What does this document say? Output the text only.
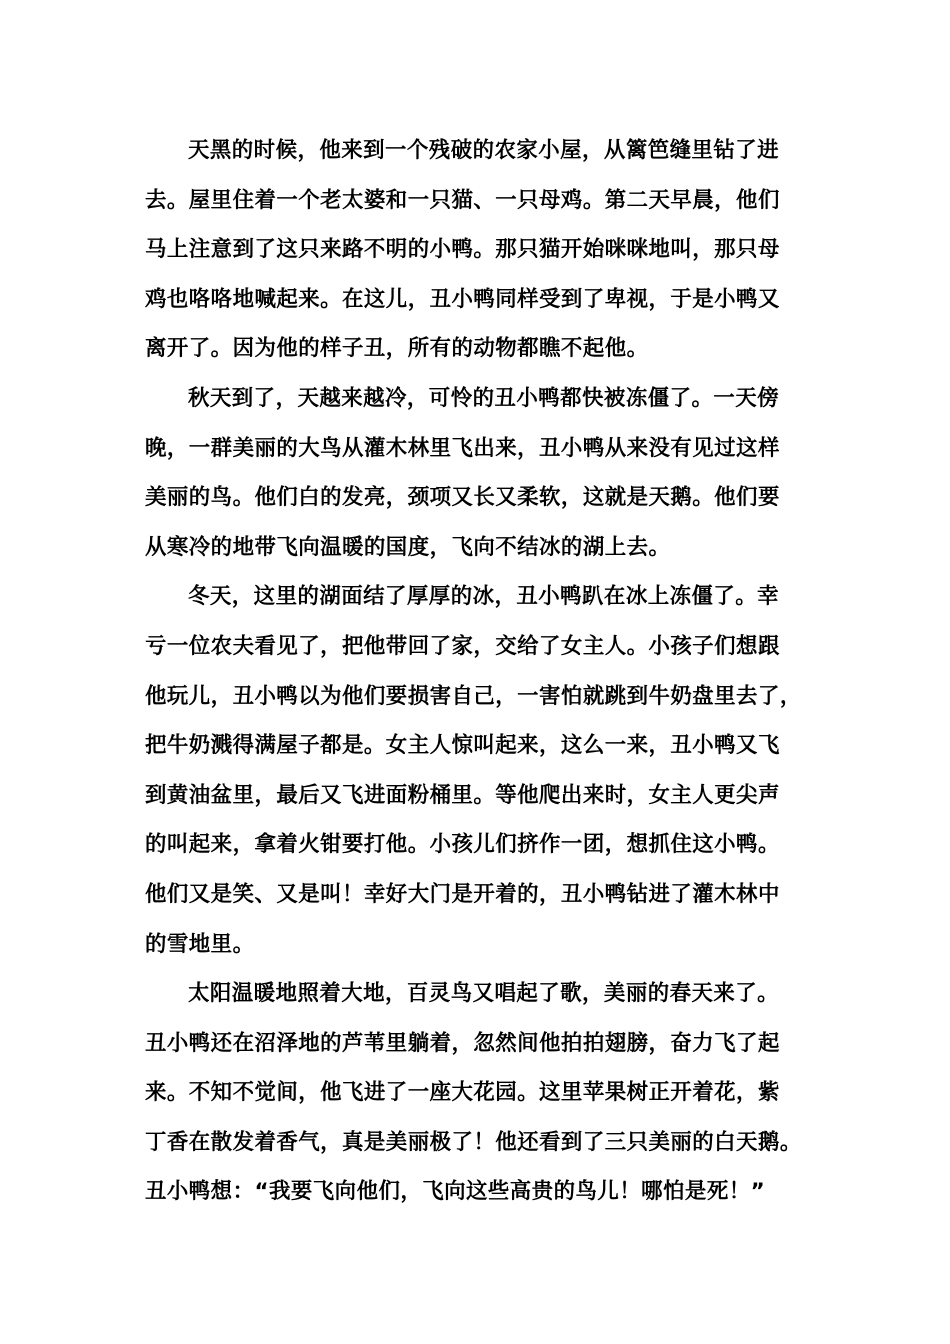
天黑的时候，他来到一个残破的农家小屋，从篱笆缝里钻了进
去。屋里住着一个老太婆和一只猫、一只母鸡。第二天早晨，他们
马上注意到了这只来路不明的小鸭。那只猫开始咪咪地叫，那只母
鸡也咯咯地喊起来。在这儿，丑小鸭同样受到了卑视，于是小鸭又
离开了。因为他的样子丑，所有的动物都瞧不起他。

秋天到了，天越来越冷，可怜的丑小鸭都快被冻僵了。一天傍
晚，一群美丽的大鸟从灌木林里飞出来，丑小鸭从来没有见过这样
美丽的鸟。他们白的发亮，颈项又长又柔软，这就是天鹅。他们要
从寒冷的地带飞向温暖的国度，飞向不结冰的湖上去。

冬天，这里的湖面结了厚厚的冰，丑小鸭趴在冰上冻僵了。幸
亏一位农夫看见了，把他带回了家，交给了女主人。小孩子们想跟
他玩儿，丑小鸭以为他们要损害自己，一害怕就跳到牛奶盘里去了，
把牛奶溅得满屋子都是。女主人惊叫起来，这么一来，丑小鸭又飞
到黄油盆里，最后又飞进面粉桶里。等他爬出来时，女主人更尖声
的叫起来，拿着火钳要打他。小孩儿们挤作一团，想抓住这小鸭。
他们又是笑、又是叫！幸好大门是开着的，丑小鸭钻进了灌木林中
的雪地里。

太阳温暖地照着大地，百灵鸟又唱起了歌，美丽的春天来了。
丑小鸭还在沼泽地的芦苇里躺着，忽然间他拍拍翅膀，奋力飞了起
来。不知不觉间，他飞进了一座大花园。这里苹果树正开着花，紫
丁香在散发着香气，真是美丽极了！他还看到了三只美丽的白天鹅。
丑小鸭想：“我要飞向他们，飞向这些高贵的鸟儿！哪怕是死！”
